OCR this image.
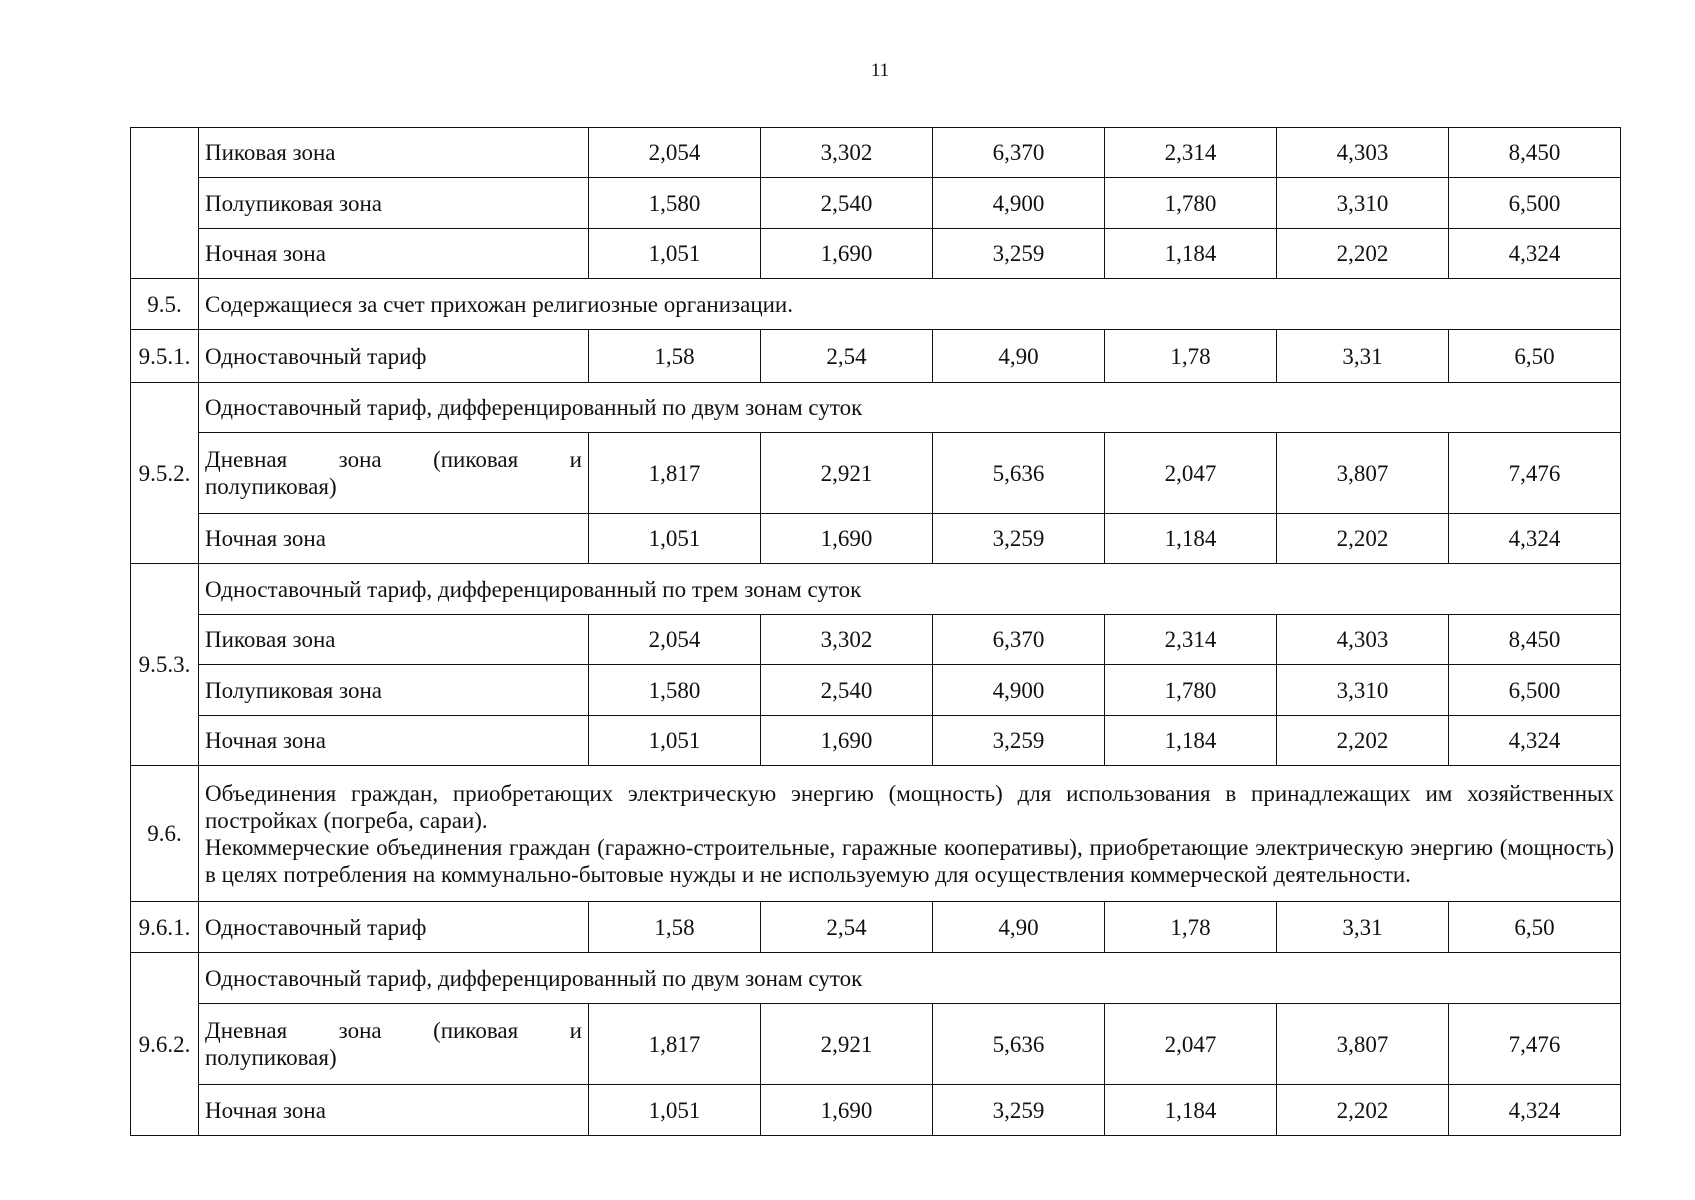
11
	Пиковая зона	2,054	3,302	6,370	2,314	4,303	8,450
	Полупиковая зона	1,580	2,540	4,900	1,780	3,310	6,500
	Ночная зона	1,051	1,690	3,259	1,184	2,202	4,324
9.5.	Содержащиеся за счет прихожан религиозные организации.						
9.5.1.	Одноставочный тариф	1,58	2,54	4,90	1,78	3,31	6,50
9.5.2.	Одноставочный тариф, дифференцированный по двум зонам суток						
	Дневная зона (пиковая и полупиковая)	1,817	2,921	5,636	2,047	3,807	7,476
	Ночная зона	1,051	1,690	3,259	1,184	2,202	4,324
9.5.3.	Одноставочный тариф, дифференцированный по трем зонам суток						
	Пиковая зона	2,054	3,302	6,370	2,314	4,303	8,450
	Полупиковая зона	1,580	2,540	4,900	1,780	3,310	6,500
	Ночная зона	1,051	1,690	3,259	1,184	2,202	4,324
9.6.	Объединения граждан, приобретающих электрическую энергию (мощность) для использования в принадлежащих им хозяйственных постройках (погреба, сараи).
Некоммерческие объединения граждан (гаражно-строительные, гаражные кооперативы), приобретающие электрическую энергию (мощность) в целях потребления на коммунально-бытовые нужды и не используемую для осуществления коммерческой деятельности.						

9.6.1.	Одноставочный тариф	1,58	2,54	4,90	1,78	3,31	6,50
9.6.2.	Одноставочный тариф, дифференцированный по двум зонам суток						
	Дневная зона (пиковая и полупиковая)	1,817	2,921	5,636	2,047	3,807	7,476
	Ночная зона	1,051	1,690	3,259	1,184	2,202	4,324
